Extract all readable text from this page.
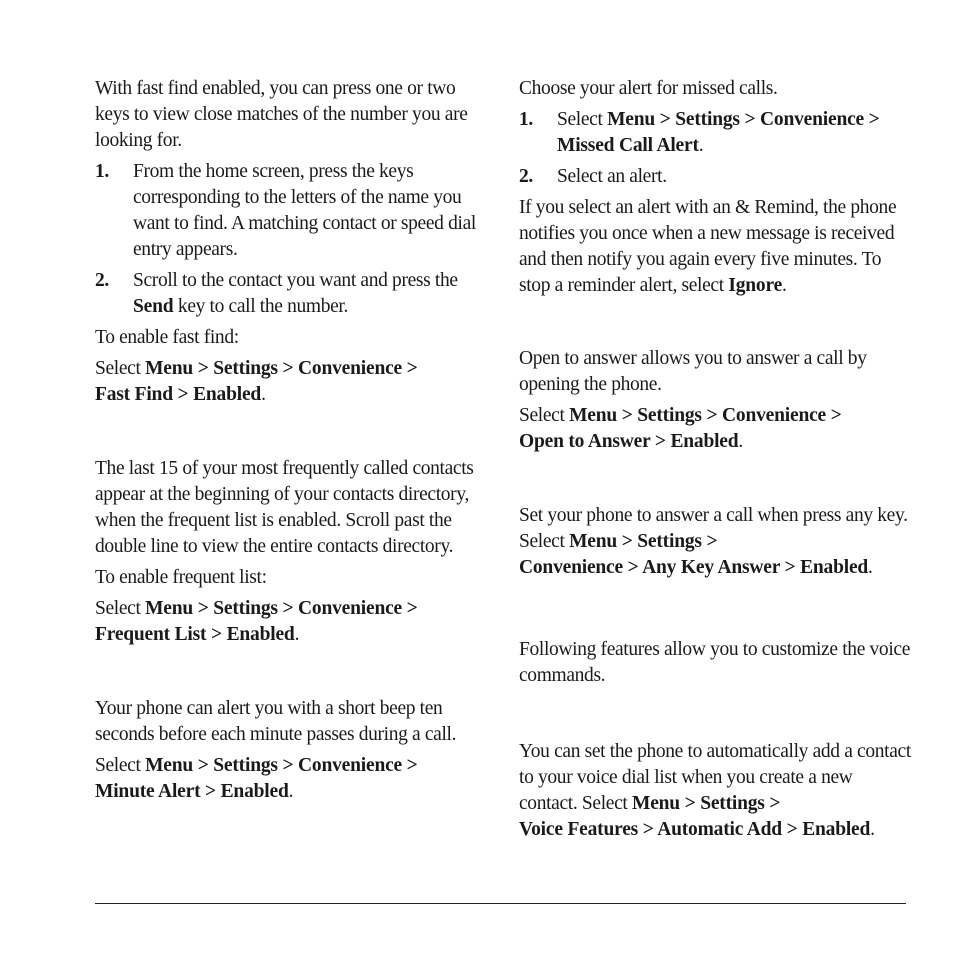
With fast find enabled, you can press one or two keys to view close matches of the number you are looking for.

1. From the home screen, press the keys corresponding to the letters of the name you want to find. A matching contact or speed dial entry appears.
2. Scroll to the contact you want and press the Send key to call the number.

To enable fast find:

Select Menu > Settings > Convenience >
Fast Find > Enabled.

The last 15 of your most frequently called contacts appear at the beginning of your contacts directory, when the frequent list is enabled. Scroll past the double line to view the entire contacts directory.

To enable frequent list:

Select Menu > Settings > Convenience >
Frequent List > Enabled.

Your phone can alert you with a short beep ten seconds before each minute passes during a call.

Select Menu > Settings > Convenience >
Minute Alert > Enabled.

Choose your alert for missed calls.

1. Select Menu > Settings > Convenience > Missed Call Alert.
2. Select an alert.

If you select an alert with an & Remind, the phone notifies you once when a new message is received and then notify you again every five minutes. To stop a reminder alert, select Ignore.

Open to answer allows you to answer a call by opening the phone.

Select Menu > Settings > Convenience >
Open to Answer > Enabled.

Set your phone to answer a call when press any key. Select Menu > Settings >
Convenience > Any Key Answer > Enabled.

Following features allow you to customize the voice commands.

You can set the phone to automatically add a contact to your voice dial list when you create a new contact. Select Menu > Settings >
Voice Features > Automatic Add > Enabled.
